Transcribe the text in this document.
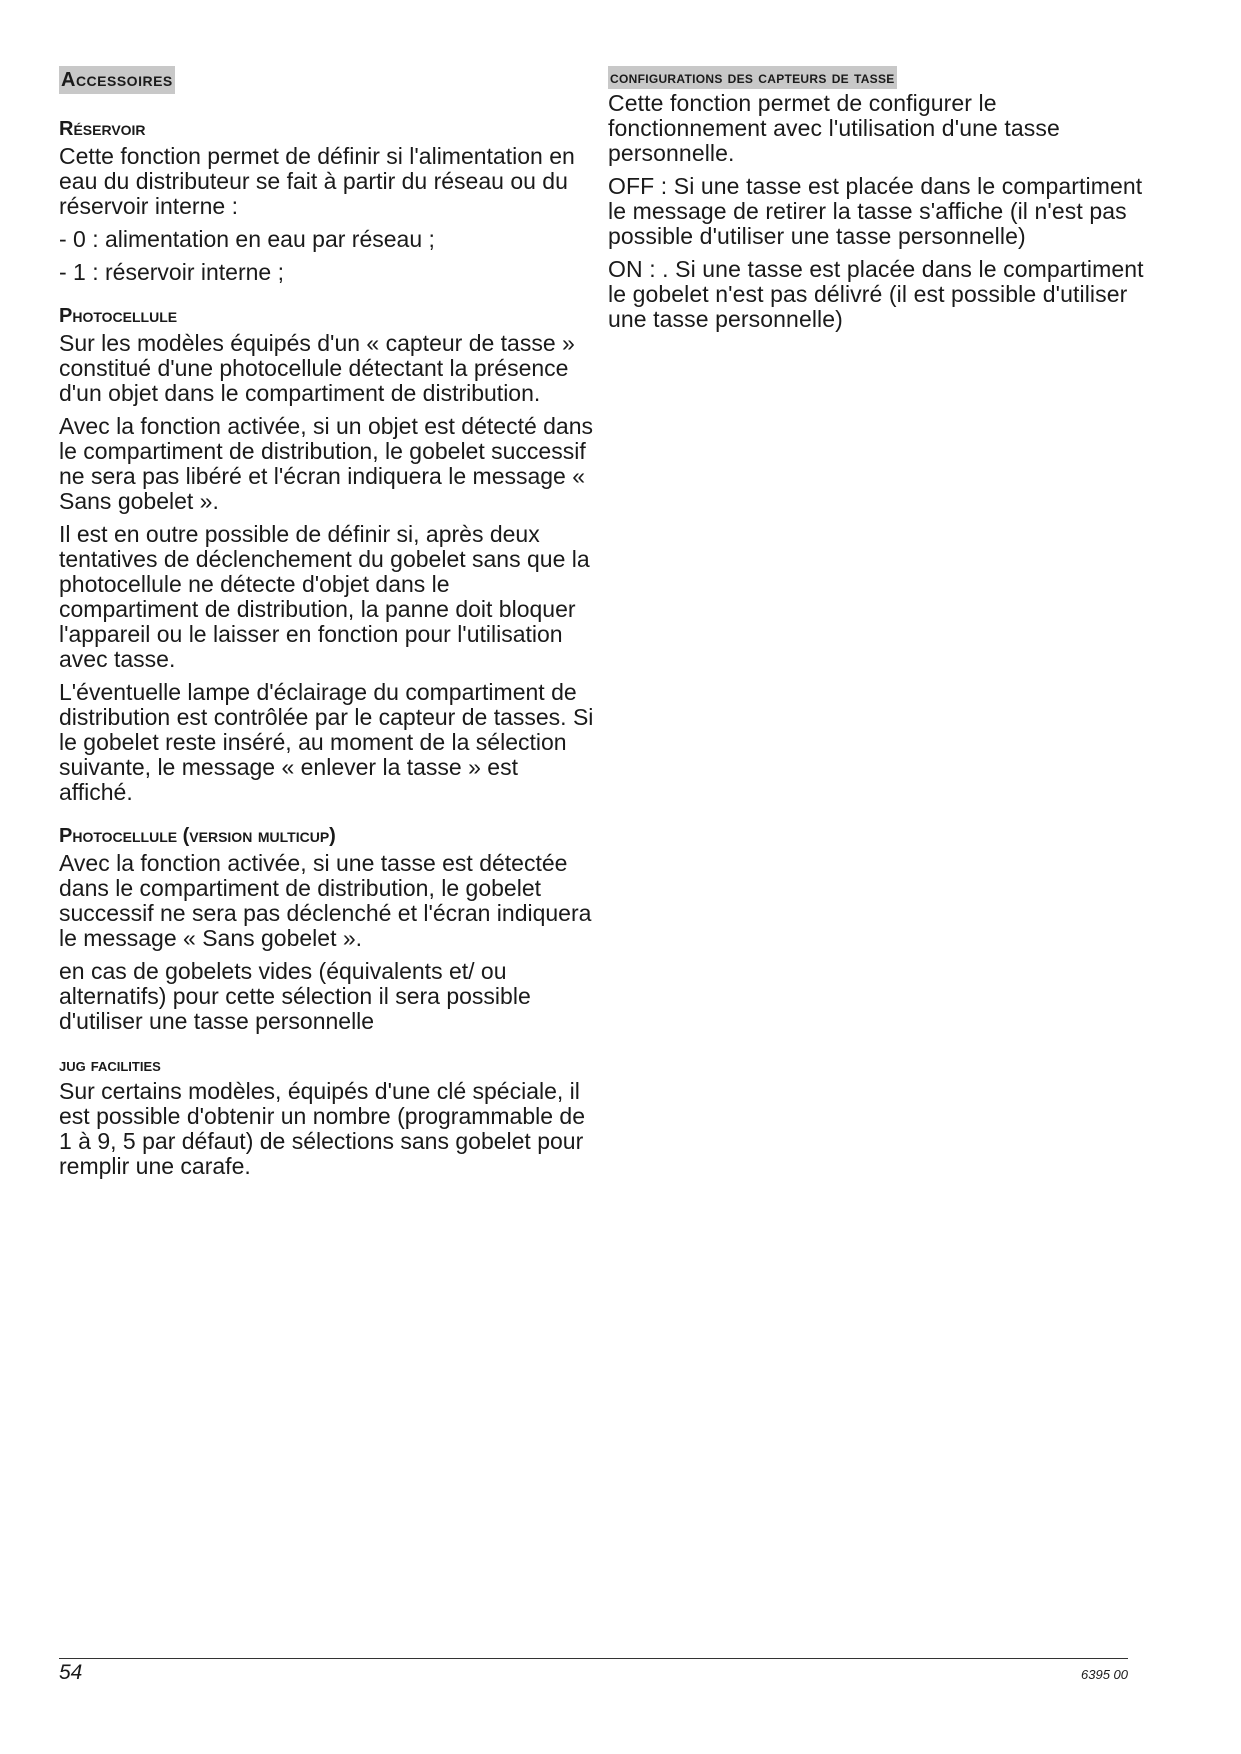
Accessoires
Réservoir

Cette fonction permet de définir si l'alimentation en eau du distributeur se fait à partir du réseau ou du réservoir interne :

- 0 : alimentation en eau par réseau ;

- 1 : réservoir interne ;

Photocellule

Sur les modèles équipés d'un « capteur de tasse » constitué d'une photocellule détectant la présence d'un objet dans le compartiment de distribution.

Avec la fonction activée, si un objet est détecté dans le compartiment de distribution, le gobelet successif ne sera pas libéré et l'écran indiquera le message « Sans gobelet ».

Il est en outre possible de définir si, après deux tentatives de déclenchement du gobelet sans que la photocellule ne détecte d'objet dans le compartiment de distribution, la panne doit bloquer l'appareil ou le laisser en fonction pour l'utilisation avec tasse.

L'éventuelle lampe d'éclairage du compartiment de distribution est contrôlée par le capteur de tasses. Si le gobelet reste inséré, au moment de la sélection suivante, le message « enlever la tasse » est affiché.

Photocellule (version multicup)

Avec la fonction activée, si une tasse est détectée dans le compartiment de distribution, le gobelet successif ne sera pas déclenché et l'écran indiquera le message « Sans gobelet ».

en cas de gobelets vides (équivalents et/ ou alternatifs) pour cette sélection il sera possible d'utiliser une tasse personnelle

jug facilities

Sur certains modèles, équipés d'une clé spéciale, il est possible d'obtenir un nombre (programmable de 1 à 9, 5 par défaut) de sélections sans gobelet pour remplir une carafe.

configurations des capteurs de tasse

Cette fonction permet de configurer le fonctionnement avec l'utilisation d'une tasse personnelle.

OFF : Si une tasse est placée dans le compartiment le message de retirer la tasse s'affiche (il n'est pas possible d'utiliser une tasse personnelle)

ON : . Si une tasse est placée dans le compartiment le gobelet n'est pas délivré (il est possible d'utiliser une tasse personnelle)

54	6395 00
